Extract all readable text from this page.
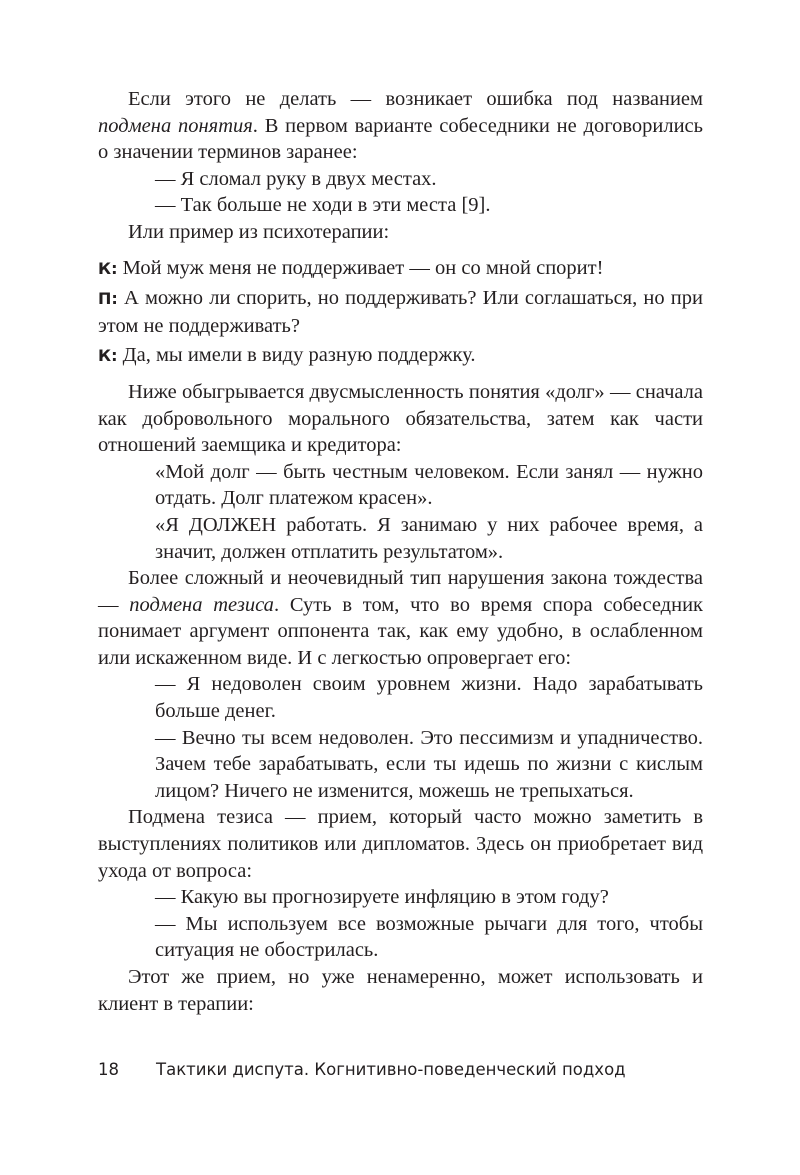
Если этого не делать — возникает ошибка под названием подмена понятия. В первом варианте собеседники не договорились о значении терминов заранее:

— Я сломал руку в двух местах.

— Так больше не ходи в эти места [9].

Или пример из психотерапии:

К: Мой муж меня не поддерживает — он со мной спорит!

П: А можно ли спорить, но поддерживать? Или соглашаться, но при этом не поддерживать?

К: Да, мы имели в виду разную поддержку.

Ниже обыгрывается двусмысленность понятия «долг» — сначала как добровольного морального обязательства, затем как части отношений заемщика и кредитора:

«Мой долг — быть честным человеком. Если занял — нужно отдать. Долг платежом красен».

«Я ДОЛЖЕН работать. Я занимаю у них рабочее время, а значит, должен отплатить результатом».

Более сложный и неочевидный тип нарушения закона тождества — подмена тезиса. Суть в том, что во время спора собеседник понимает аргумент оппонента так, как ему удобно, в ослабленном или искаженном виде. И с легкостью опровергает его:

— Я недоволен своим уровнем жизни. Надо зарабатывать больше денег.

— Вечно ты всем недоволен. Это пессимизм и упадничество. Зачем тебе зарабатывать, если ты идешь по жизни с кислым лицом? Ничего не изменится, можешь не трепыхаться.

Подмена тезиса — прием, который часто можно заметить в выступлениях политиков или дипломатов. Здесь он приобретает вид ухода от вопроса:

— Какую вы прогнозируете инфляцию в этом году?

— Мы используем все возможные рычаги для того, чтобы ситуация не обострилась.

Этот же прием, но уже ненамеренно, может использовать и клиент в терапии:

18 Тактики диспута. Когнитивно-поведенческий подход
